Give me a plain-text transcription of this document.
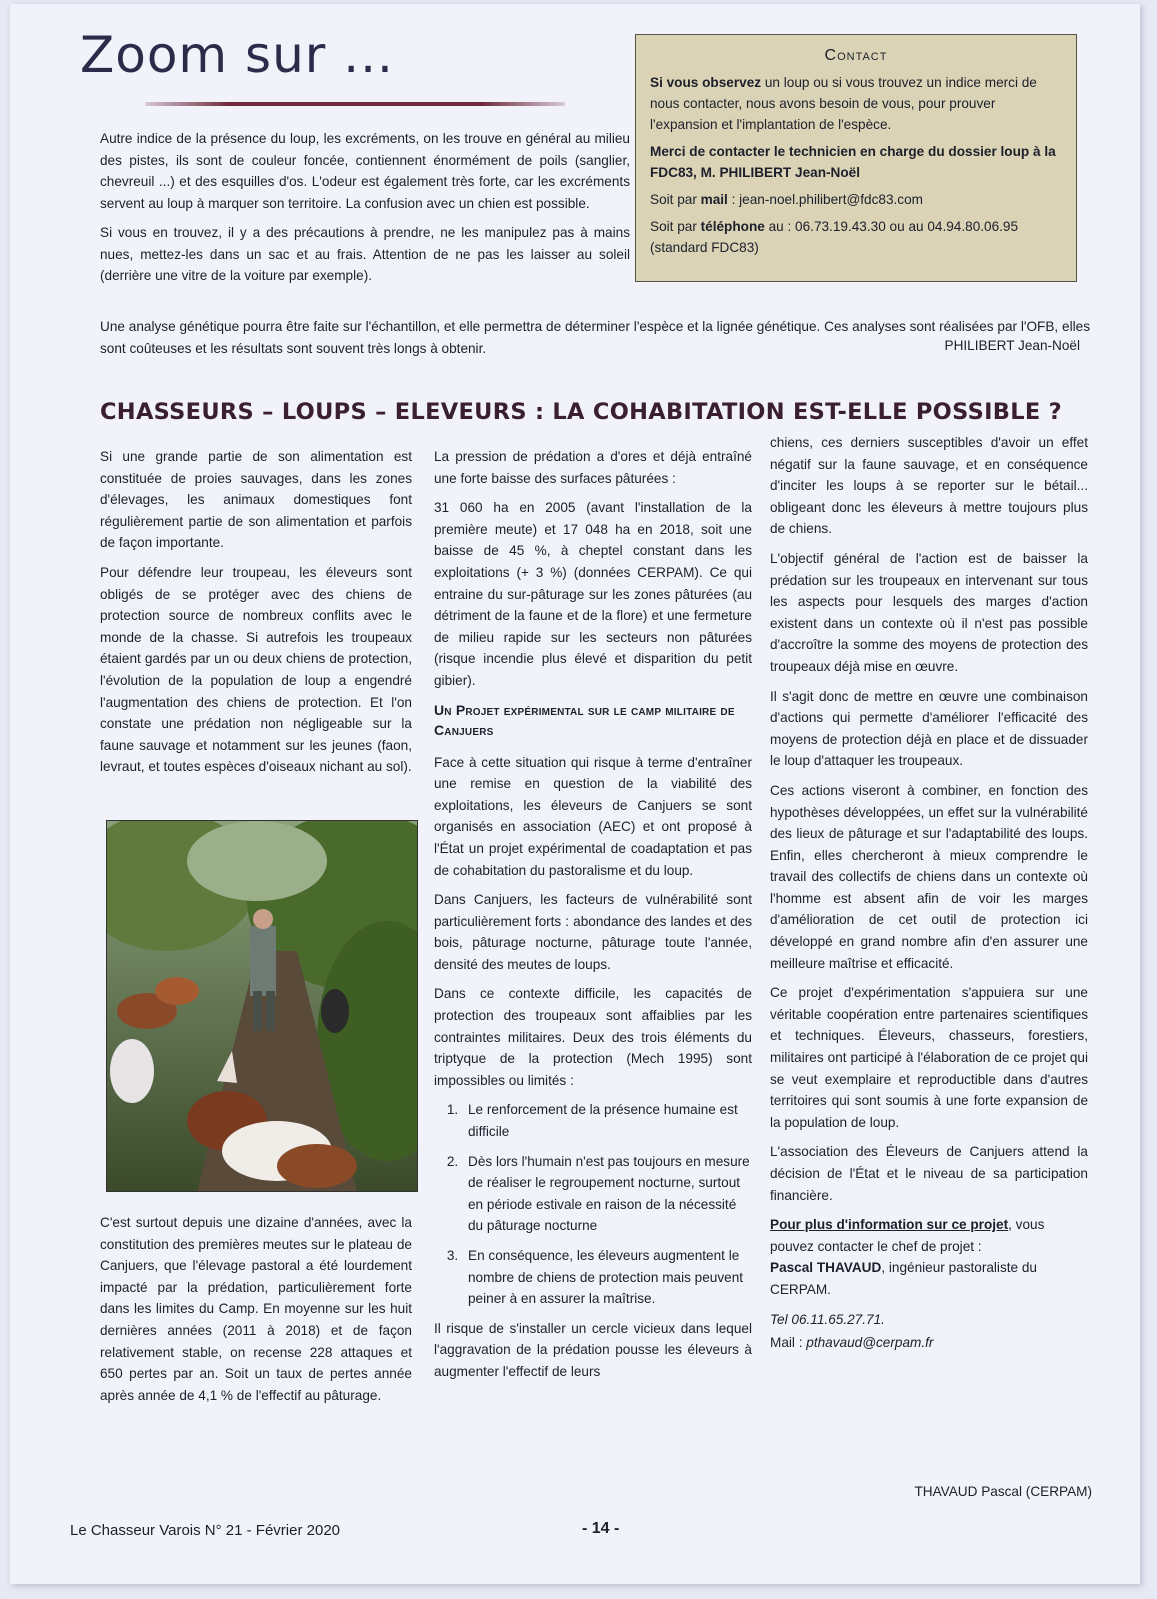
Zoom sur ...

Autre indice de la présence du loup, les excréments, on les trouve en général au milieu des pistes, ils sont de couleur foncée, contiennent énormément de poils (sanglier, chevreuil ...) et des esquilles d'os. L'odeur est également très forte, car les excréments servent au loup à marquer son territoire. La confusion avec un chien est possible.

Si vous en trouvez, il y a des précautions à prendre, ne les manipulez pas à mains nues, mettez-les dans un sac et au frais. Attention de ne pas les laisser au soleil (derrière une vitre de la voiture par exemple).

Contact

Si vous observez un loup ou si vous trouvez un indice merci de nous contacter, nous avons besoin de vous, pour prouver l'expansion et l'implantation de l'espèce.

Merci de contacter le technicien en charge du dossier loup à la FDC83, M. PHILIBERT Jean-Noël

Soit par mail : jean-noel.philibert@fdc83.com

Soit par téléphone au : 06.73.19.43.30 ou au 04.94.80.06.95 (standard FDC83)

Une analyse génétique pourra être faite sur l'échantillon, et elle permettra de déterminer l'espèce et la lignée génétique. Ces analyses sont réalisées par l'OFB, elles sont coûteuses et les résultats sont souvent très longs à obtenir.	PHILIBERT Jean-Noël
CHASSEURS – LOUPS – ELEVEURS : LA COHABITATION EST-ELLE POSSIBLE ?

Si une grande partie de son alimentation est constituée de proies sauvages, dans les zones d'élevages, les animaux domestiques font régulièrement partie de son alimentation et parfois de façon importante.

Pour défendre leur troupeau, les éleveurs sont obligés de se protéger avec des chiens de protection source de nombreux conflits avec le monde de la chasse. Si autrefois les troupeaux étaient gardés par un ou deux chiens de protection, l'évolution de la population de loup a engendré l'augmentation des chiens de protection. Et l'on constate une prédation non négligeable sur la faune sauvage et notamment sur les jeunes (faon, levraut, et toutes espèces d'oiseaux nichant au sol).

C'est surtout depuis une dizaine d'années, avec la constitution des premières meutes sur le plateau de Canjuers, que l'élevage pastoral a été lourdement impacté par la prédation, particulièrement forte dans les limites du Camp. En moyenne sur les huit dernières années (2011 à 2018) et de façon relativement stable, on recense 228 attaques et 650 pertes par an. Soit un taux de pertes année après année de 4,1 % de l'effectif au pâturage.

La pression de prédation a d'ores et déjà entraîné une forte baisse des surfaces pâturées :

31 060 ha en 2005 (avant l'installation de la première meute) et 17 048 ha en 2018, soit une baisse de 45 %, à cheptel constant dans les exploitations (+ 3 %) (données CERPAM). Ce qui entraine du sur-pâturage sur les zones pâturées (au détriment de la faune et de la flore) et une fermeture de milieu rapide sur les secteurs non pâturées (risque incendie plus élevé et disparition du petit gibier).

Un Projet expérimental sur le camp militaire de Canjuers

Face à cette situation qui risque à terme d'entraîner une remise en question de la viabilité des exploitations, les éleveurs de Canjuers se sont organisés en association (AEC) et ont proposé à l'État un projet expérimental de coadaptation et pas de cohabitation du pastoralisme et du loup.

Dans Canjuers, les facteurs de vulnérabilité sont particulièrement forts : abondance des landes et des bois, pâturage nocturne, pâturage toute l'année, densité des meutes de loups.

Dans ce contexte difficile, les capacités de protection des troupeaux sont affaiblies par les contraintes militaires. Deux des trois éléments du triptyque de la protection (Mech 1995) sont impossibles ou limités :

1. Le renforcement de la présence humaine est difficile
2. Dès lors l'humain n'est pas toujours en mesure de réaliser le regroupement nocturne, surtout en période estivale en raison de la nécessité du pâturage nocturne
3. En conséquence, les éleveurs augmentent le nombre de chiens de protection mais peuvent peiner à en assurer la maîtrise.

Il risque de s'installer un cercle vicieux dans lequel l'aggravation de la prédation pousse les éleveurs à augmenter l'effectif de leurs

chiens, ces derniers susceptibles d'avoir un effet négatif sur la faune sauvage, et en conséquence d'inciter les loups à se reporter sur le bétail... obligeant donc les éleveurs à mettre toujours plus de chiens.

L'objectif général de l'action est de baisser la prédation sur les troupeaux en intervenant sur tous les aspects pour lesquels des marges d'action existent dans un contexte où il n'est pas possible d'accroître la somme des moyens de protection des troupeaux déjà mise en œuvre.

Il s'agit donc de mettre en œuvre une combinaison d'actions qui permette d'améliorer l'efficacité des moyens de protection déjà en place et de dissuader le loup d'attaquer les troupeaux.

Ces actions viseront à combiner, en fonction des hypothèses développées, un effet sur la vulnérabilité des lieux de pâturage et sur l'adaptabilité des loups. Enfin, elles chercheront à mieux comprendre le travail des collectifs de chiens dans un contexte où l'homme est absent afin de voir les marges d'amélioration de cet outil de protection ici développé en grand nombre afin d'en assurer une meilleure maîtrise et efficacité.

Ce projet d'expérimentation s'appuiera sur une véritable coopération entre partenaires scientifiques et techniques. Éleveurs, chasseurs, forestiers, militaires ont participé à l'élaboration de ce projet qui se veut exemplaire et reproductible dans d'autres territoires qui sont soumis à une forte expansion de la population de loup.

L'association des Éleveurs de Canjuers attend la décision de l'État et le niveau de sa participation financière.

Pour plus d'information sur ce projet, vous pouvez contacter le chef de projet :
Pascal THAVAUD, ingénieur pastoraliste du CERPAM.

Tel 06.11.65.27.71.

Mail : pthavaud@cerpam.fr

THAVAUD Pascal (CERPAM)
Le Chasseur Varois N° 21 - Février 2020	- 14 -
